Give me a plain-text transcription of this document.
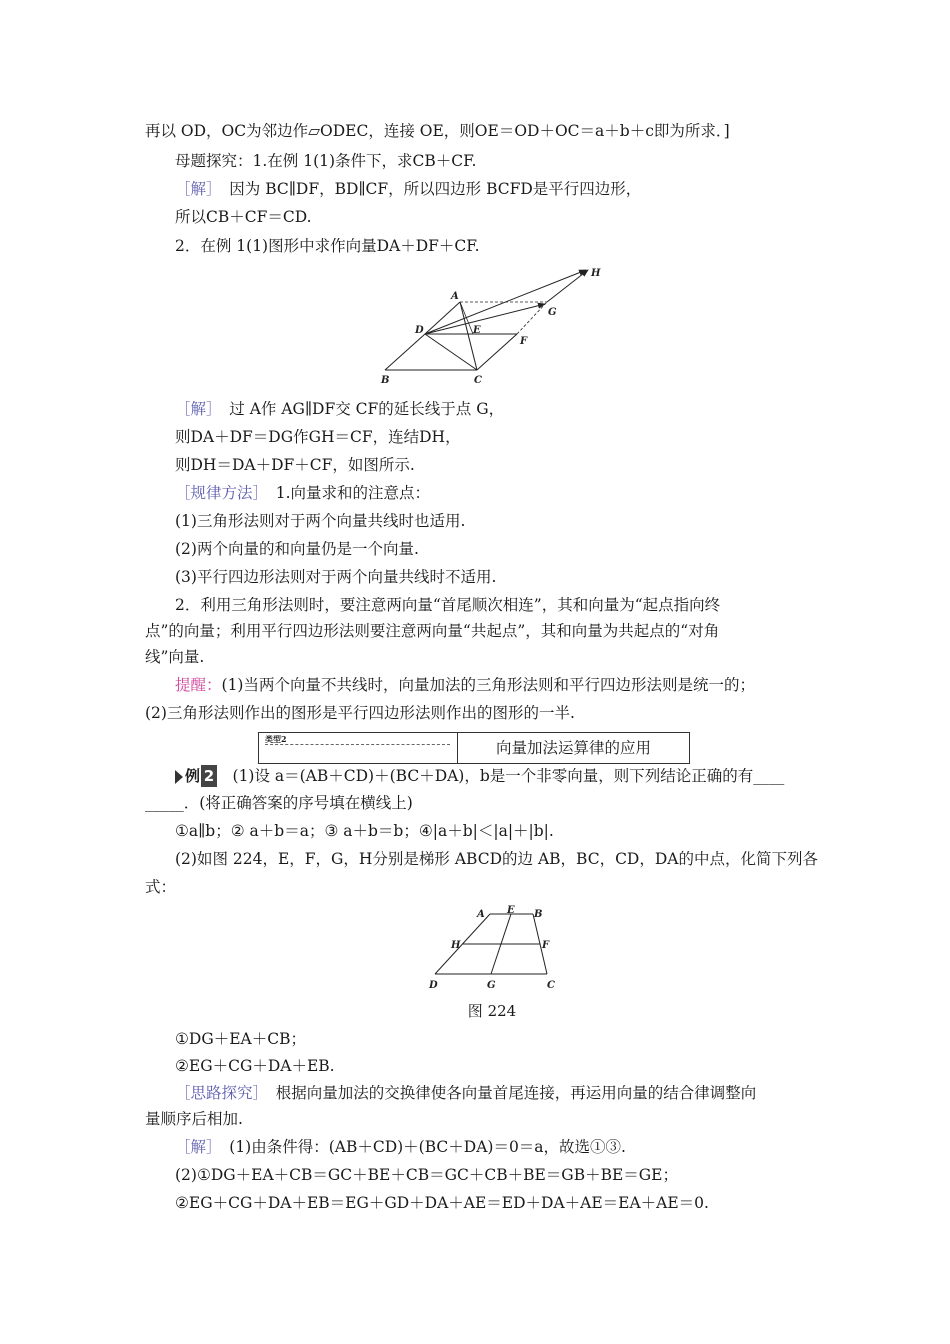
再以 OD，OC为邻边作▱ODEC，连接 OE，则OE＝OD＋OC＝a＋b＋c即为所求．]
母题探究：1.在例 1(1)条件下，求CB＋CF.
［解］　因为 BC∥DF，BD∥CF，所以四边形 BCFD是平行四边形，
所以CB＋CF＝CD.
2．在例 1(1)图形中求作向量DA＋DF＋CF.
A
D	E
F
G
H
B	C
［解］　过 A作 AG∥DF交 CF的延长线于点 G，
则DA＋DF＝DG作GH＝CF，连结DH，
则DH＝DA＋DF＋CF，如图所示.
［规律方法］　1.向量求和的注意点：
(1)三角形法则对于两个向量共线时也适用.
(2)两个向量的和向量仍是一个向量.
(3)平行四边形法则对于两个向量共线时不适用.
2．利用三角形法则时，要注意两向量“首尾顺次相连”，其和向量为“起点指向终
点”的向量；利用平行四边形法则要注意两向量“共起点”，其和向量为共起点的“对角
线”向量.
提醒：(1)当两个向量不共线时，向量加法的三角形法则和平行四边形法则是统一的；
(2)三角形法则作出的图形是平行四边形法则作出的图形的一半.
类型2	向量加法运算律的应用
例 2　(1)设 a＝(AB＋CD)＋(BC＋DA)，b是一个非零向量，则下列结论正确的有____
_____．(将正确答案的序号填在横线上)
①a∥b；② a＋b＝a；③ a＋b＝b；④|a＋b|＜|a|＋|b|.
(2)如图 224，E，F，G，H分别是梯形 ABCD的边 AB，BC，CD，DA的中点，化简下列各
式：
A E B
H	F
D	G	C
图 224
①DG＋EA＋CB；
②EG＋CG＋DA＋EB.
［思路探究］　根据向量加法的交换律使各向量首尾连接，再运用向量的结合律调整向
量顺序后相加.
［解］　(1)由条件得：(AB＋CD)＋(BC＋DA)＝0＝a，故选①③.
(2)①DG＋EA＋CB＝GC＋BE＋CB＝GC＋CB＋BE＝GB＋BE＝GE；
②EG＋CG＋DA＋EB＝EG＋GD＋DA＋AE＝ED＋DA＋AE＝EA＋AE＝0.
